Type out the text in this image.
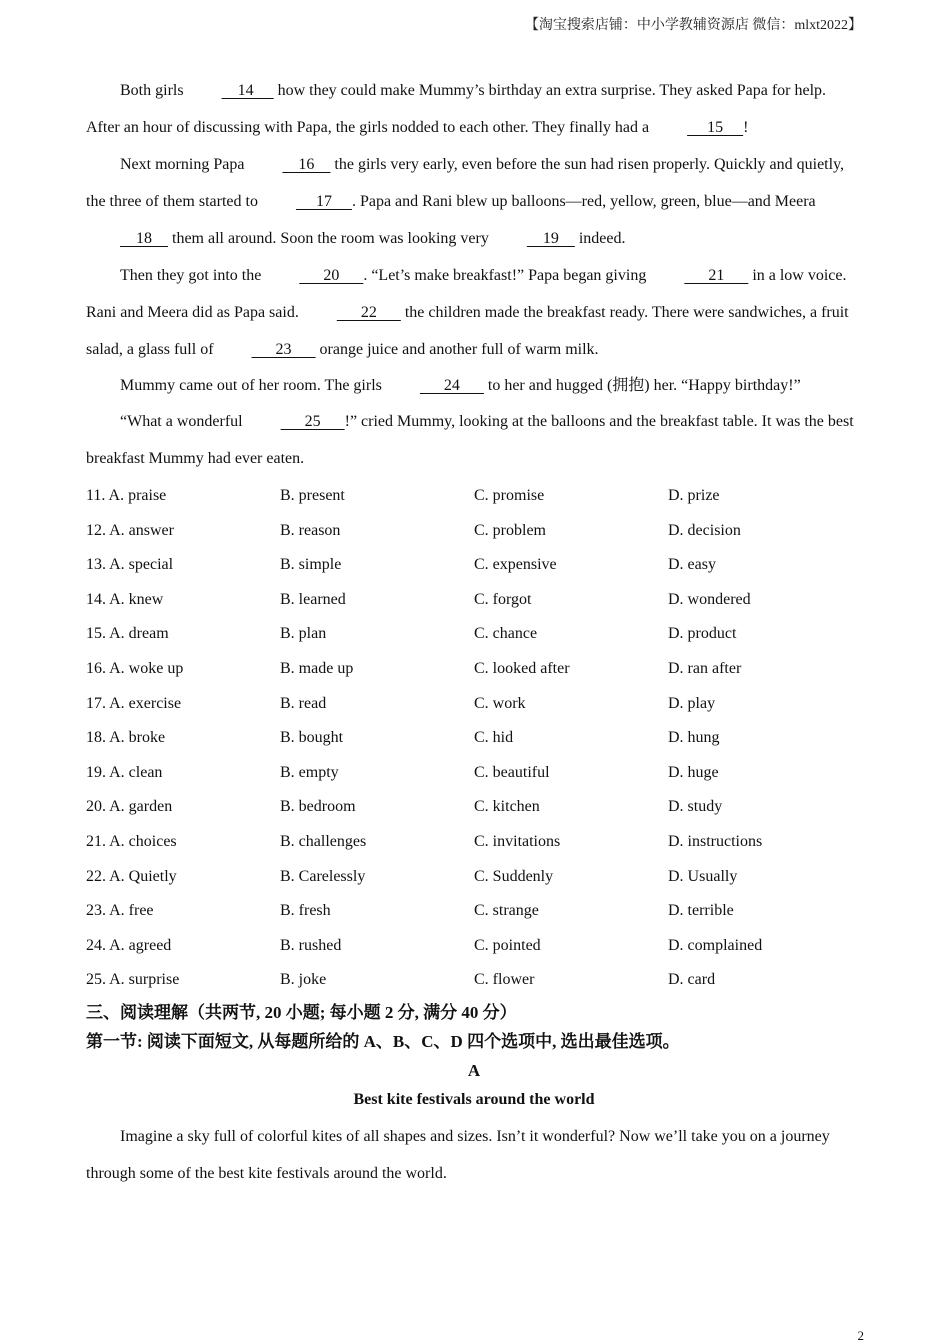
【淘宝搜索店铺：中小学教辅资源店 微信：mlxt2022】

Both girls     14      how they could make Mummy’s birthday an extra surprise. They asked Papa for help. After an hour of discussing with Papa, the girls nodded to each other. They finally had a      15     !

Next morning Papa     16     the girls very early, even before the sun had risen properly. Quickly and quietly, the three of them started to      17     . Papa and Rani blew up balloons—red, yellow, green, blue—and Meera     18     them all around. Soon the room was looking very     19     indeed.

Then they got into the       20      . “Let’s make breakfast!” Papa began giving       21       in a low voice. Rani and Meera did as Papa said.       22       the children made the breakfast ready. There were sandwiches, a fruit salad, a glass full of       23       orange juice and another full of warm milk.

Mummy came out of her room. The girls       24       to her and hugged (拥抱) her. “Happy birthday!”

“What a wonderful       25      !” cried Mummy, looking at the balloons and the breakfast table. It was the best breakfast Mummy had ever eaten.

11. A. praise	B. present	C. promise	D. prize
12. A. answer	B. reason	C. problem	D. decision
13. A. special	B. simple	C. expensive	D. easy
14. A. knew	B. learned	C. forgot	D. wondered
15. A. dream	B. plan	C. chance	D. product
16. A. woke up	B. made up	C. looked after	D. ran after
17. A. exercise	B. read	C. work	D. play
18. A. broke	B. bought	C. hid	D. hung
19. A. clean	B. empty	C. beautiful	D. huge
20. A. garden	B. bedroom	C. kitchen	D. study
21. A. choices	B. challenges	C. invitations	D. instructions
22. A. Quietly	B. Carelessly	C. Suddenly	D. Usually
23. A. free	B. fresh	C. strange	D. terrible
24. A. agreed	B. rushed	C. pointed	D. complained
25. A. surprise	B. joke	C. flower	D. card

三、阅读理解（共两节, 20 小题; 每小题 2 分, 满分 40 分）

第一节: 阅读下面短文, 从每题所给的 A、B、C、D 四个选项中, 选出最佳选项。

A

Best kite festivals around the world

Imagine a sky full of colorful kites of all shapes and sizes. Isn’t it wonderful? Now we’ll take you on a journey through some of the best kite festivals around the world.

2
